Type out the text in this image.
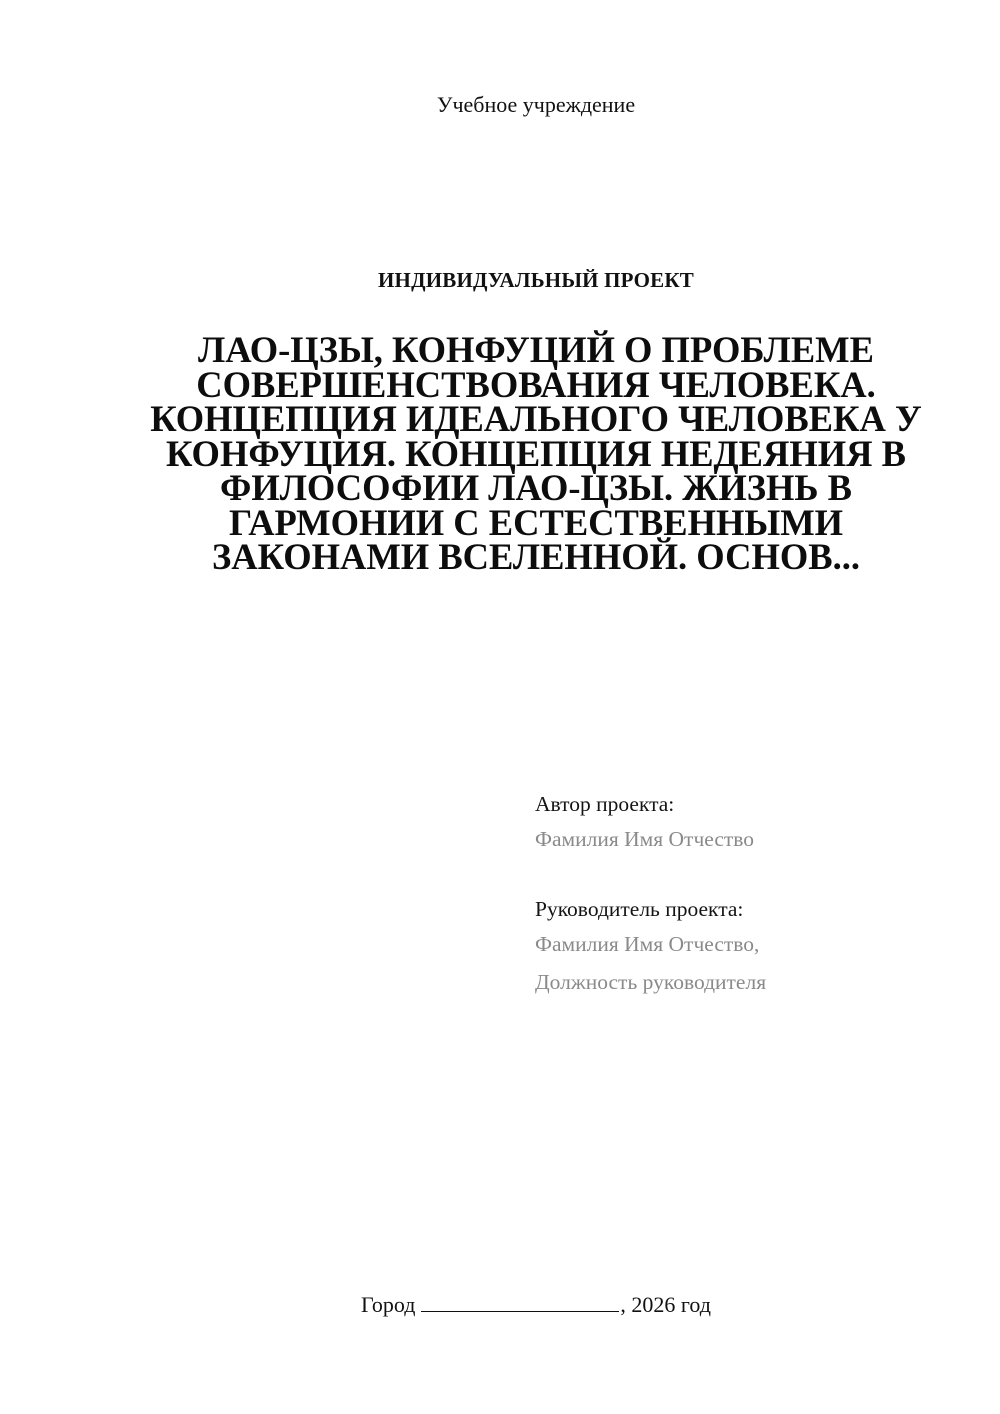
Учебное учреждение
ИНДИВИДУАЛЬНЫЙ ПРОЕКТ
ЛАО-ЦЗЫ, КОНФУЦИЙ О ПРОБЛЕМЕ СОВЕРШЕНСТВОВАНИЯ ЧЕЛОВЕКА. КОНЦЕПЦИЯ ИДЕАЛЬНОГО ЧЕЛОВЕКА У КОНФУЦИЯ. КОНЦЕПЦИЯ НЕДЕЯНИЯ В ФИЛОСОФИИ ЛАО-ЦЗЫ. ЖИЗНЬ В ГАРМОНИИ С ЕСТЕСТВЕННЫМИ ЗАКОНАМИ ВСЕЛЕННОЙ. ОСНОВ...
Автор проекта:
Фамилия Имя Отчество
Руководитель проекта:
Фамилия Имя Отчество,
Должность руководителя
Город	, 2026 год
